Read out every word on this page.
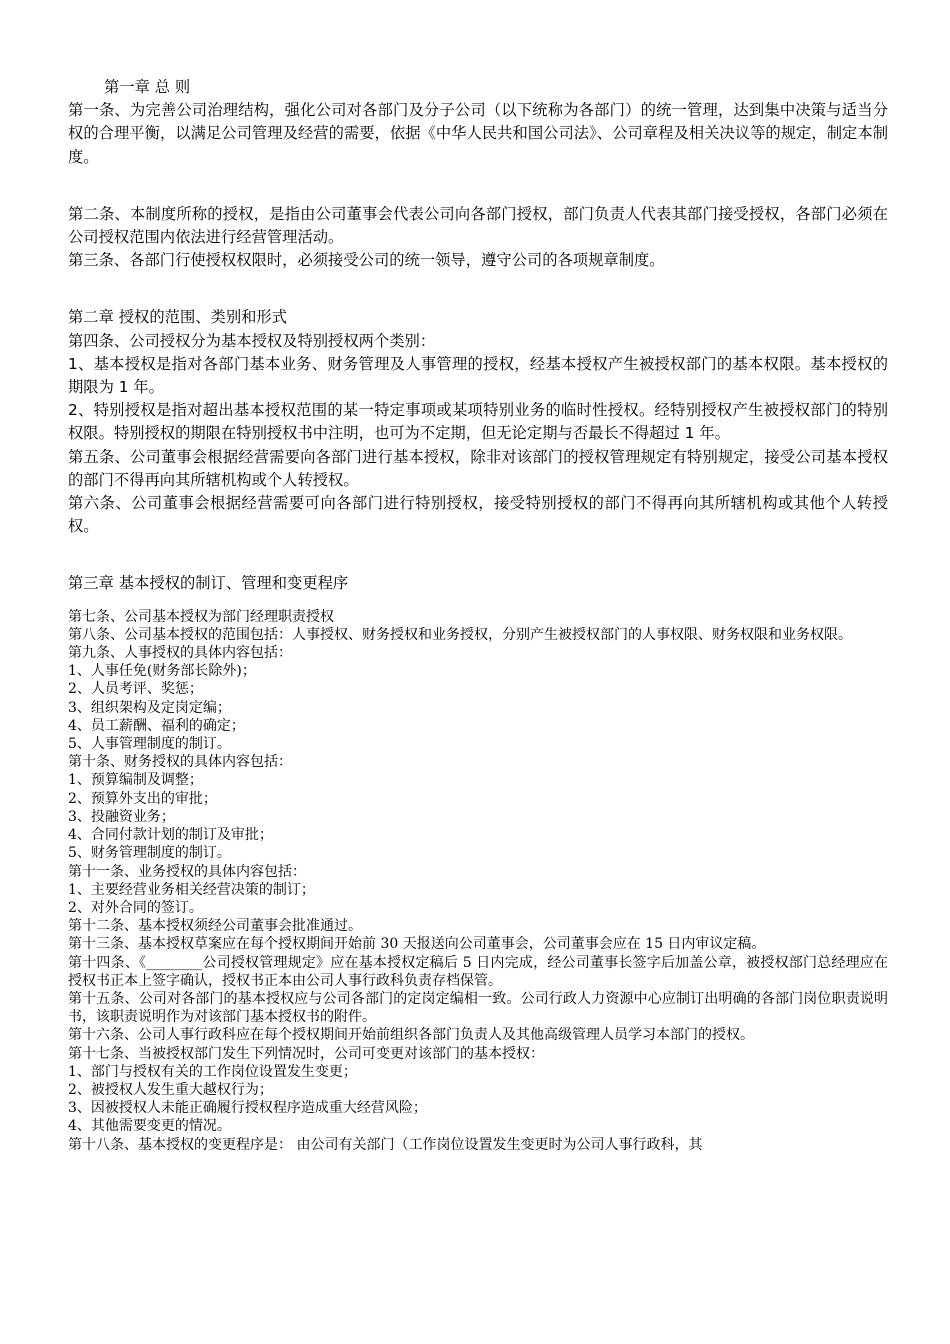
第一章 总 则

第一条、为完善公司治理结构，强化公司对各部门及分子公司（以下统称为各部门）的统一管理，达到集中决策与适当分权的合理平衡，以满足公司管理及经营的需要，依据《中华人民共和国公司法》、公司章程及相关决议等的规定，制定本制度。

第二条、本制度所称的授权，是指由公司董事会代表公司向各部门授权，部门负责人代表其部门接受授权，各部门必须在公司授权范围内依法进行经营管理活动。

第三条、各部门行使授权权限时，必须接受公司的统一领导，遵守公司的各项规章制度。

第二章 授权的范围、类别和形式

第四条、公司授权分为基本授权及特别授权两个类别：

1、基本授权是指对各部门基本业务、财务管理及人事管理的授权，经基本授权产生被授权部门的基本权限。基本授权的期限为 1 年。

2、特别授权是指对超出基本授权范围的某一特定事项或某项特别业务的临时性授权。经特别授权产生被授权部门的特别权限。特别授权的期限在特别授权书中注明，也可为不定期，但无论定期与否最长不得超过 1 年。

第五条、公司董事会根据经营需要向各部门进行基本授权，除非对该部门的授权管理规定有特别规定，接受公司基本授权的部门不得再向其所辖机构或个人转授权。

第六条、公司董事会根据经营需要可向各部门进行特别授权，接受特别授权的部门不得再向其所辖机构或其他个人转授权。

第三章 基本授权的制订、管理和变更程序

第七条、公司基本授权为部门经理职责授权

第八条、公司基本授权的范围包括：人事授权、财务授权和业务授权，分别产生被授权部门的人事权限、财务权限和业务权限。

第九条、人事授权的具体内容包括：

1、人事任免(财务部长除外)；

2、人员考评、奖惩；

3、组织架构及定岗定编；

4、员工薪酬、福利的确定；

5、人事管理制度的制订。

第十条、财务授权的具体内容包括：

1、预算编制及调整；

2、预算外支出的审批；

3、投融资业务；

4、合同付款计划的制订及审批；

5、财务管理制度的制订。

第十一条、业务授权的具体内容包括：

1、主要经营业务相关经营决策的制订；

2、对外合同的签订。

第十二条、基本授权须经公司董事会批准通过。

第十三条、基本授权草案应在每个授权期间开始前 30 天报送向公司董事会，公司董事会应在 15 日内审议定稿。

第十四条、《________公司授权管理规定》应在基本授权定稿后 5 日内完成，经公司董事长签字后加盖公章，被授权部门总经理应在授权书正本上签字确认，授权书正本由公司人事行政科负责存档保管。

第十五条、公司对各部门的基本授权应与公司各部门的定岗定编相一致。公司行政人力资源中心应制订出明确的各部门岗位职责说明书，该职责说明作为对该部门基本授权书的附件。

第十六条、公司人事行政科应在每个授权期间开始前组织各部门负责人及其他高级管理人员学习本部门的授权。

第十七条、当被授权部门发生下列情况时，公司可变更对该部门的基本授权：

1、部门与授权有关的工作岗位设置发生变更；

2、被授权人发生重大越权行为；

3、因被授权人未能正确履行授权程序造成重大经营风险；

4、其他需要变更的情况。

第十八条、基本授权的变更程序是： 由公司有关部门（工作岗位设置发生变更时为公司人事行政科，其
